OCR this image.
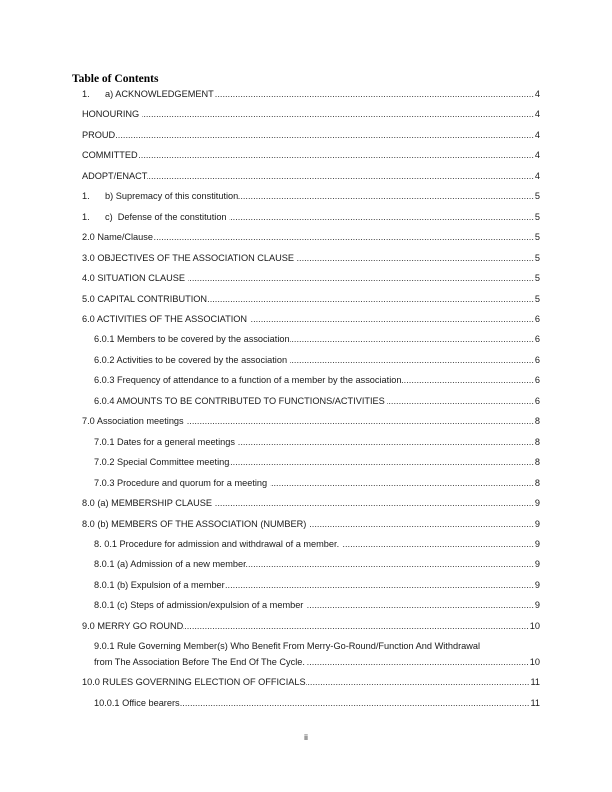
Table of Contents
1.	a) ACKNOWLEDGEMENT .....	4
HONOURING .....	4
PROUD .....	4
COMMITTED .....	4
ADOPT/ENACT .....	4
1.	b) Supremacy of this constitution .....	5
1.	c)  Defense of the constitution .....	5
2.0 Name/Clause .....	5
3.0 OBJECTIVES OF THE ASSOCIATION CLAUSE .....	5
4.0 SITUATION CLAUSE .....	5
5.0 CAPITAL CONTRIBUTION .....	5
6.0 ACTIVITIES OF THE ASSOCIATION .....	6
6.0.1 Members to be covered by the association .....	6
6.0.2 Activities to be covered by the association .....	6
6.0.3 Frequency of attendance to a function of a member by the association .....	6
6.0.4 AMOUNTS TO BE CONTRIBUTED TO FUNCTIONS/ACTIVITIES .....	6
7.0 Association meetings .....	8
7.0.1 Dates for a general meetings .....	8
7.0.2 Special Committee meeting .....	8
7.0.3 Procedure and quorum for a meeting .....	8
8.0 (a) MEMBERSHIP CLAUSE .....	9
8.0 (b) MEMBERS OF THE ASSOCIATION (NUMBER) .....	9
8. 0.1 Procedure for admission and withdrawal of a member. .....	9
8.0.1 (a) Admission of a new member .....	9
8.0.1 (b) Expulsion of a member .....	9
8.0.1 (c) Steps of admission/expulsion of a member .....	9
9.0 MERRY GO ROUND .....	10
9.0.1 Rule Governing Member(s) Who Benefit From Merry-Go-Round/Function And Withdrawal
from The Association Before The End Of The Cycle. .....	10
10.0 RULES GOVERNING ELECTION OF OFFICIALS .....	11
10.0.1 Office bearers .....	11
ii
